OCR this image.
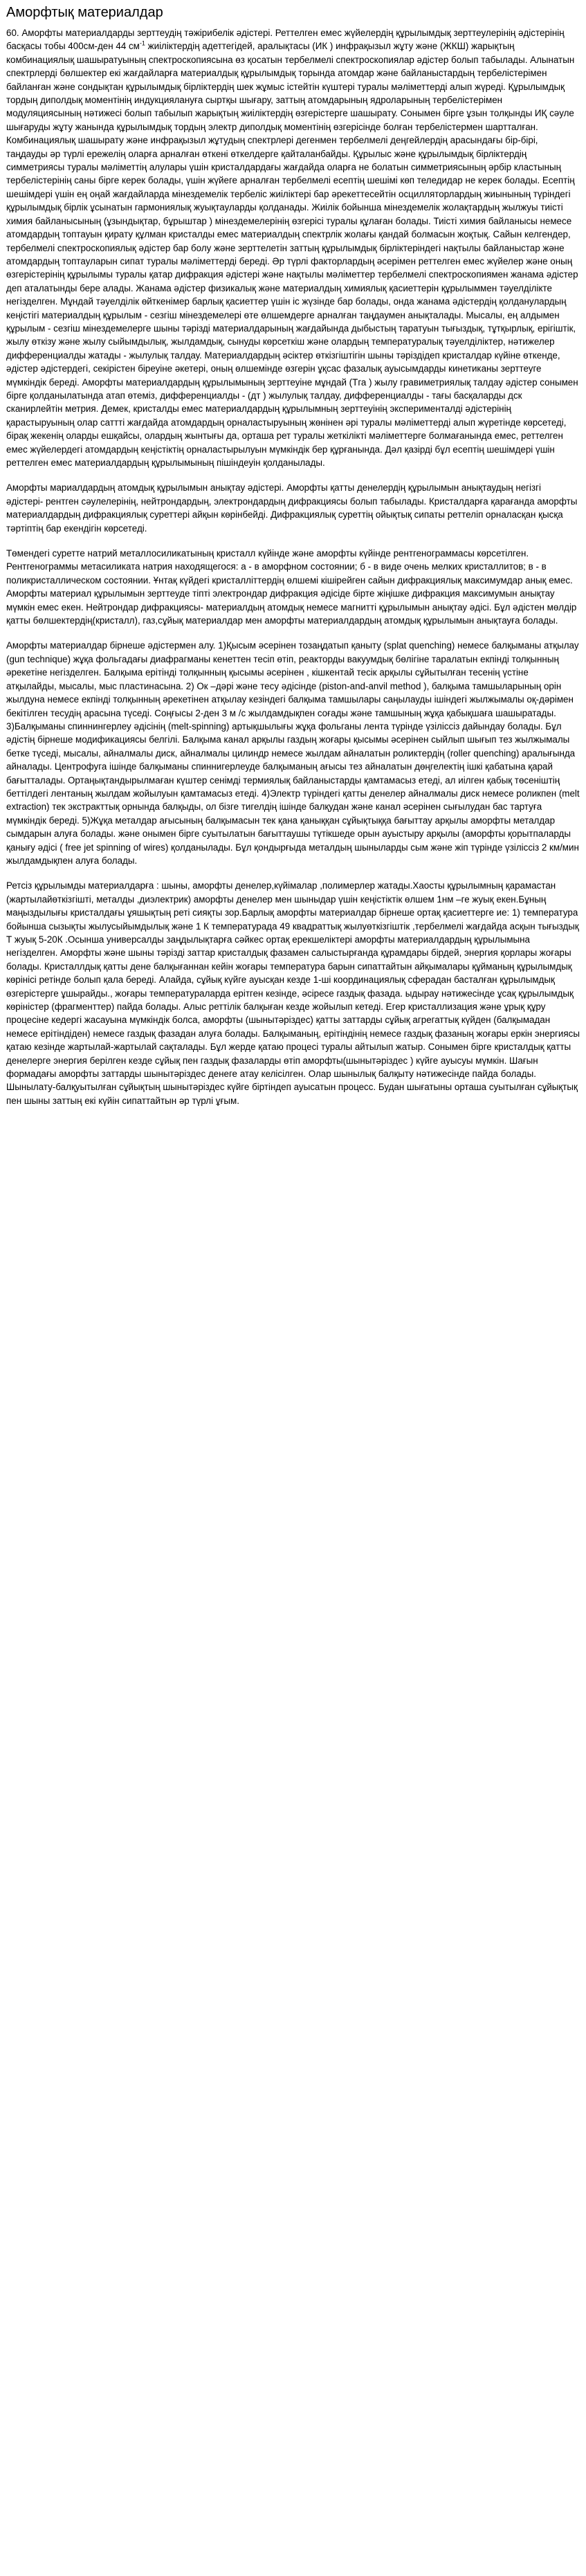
Аморфтық материалдар
60. Аморфты материалдарды зерттеудің тәжірибелік әдістері. Реттелген емес жүйелердің құрылымдық зерттеулерінің әдістерінің басқасы тобы 400см-ден 44 $см^{-1}$ жиіліктердің адеттегідей, аралықтасы (ИК ) инфрақызыл жұту және (ЖКШ) жарықтың комбинациялық шашыратуының спектроскопиясына өз қосатын тербелмелі спектроскопиялар әдістер болып табылады. Алынатын спектрлерді бөлшектер екі жағдайларға материалдық құрылымдық торында атомдар және байланыстардың тербелістерімен байланған және сондықтан құрылымдық бірліктердің шек жұмыс істейтін күштері туралы мәліметтерді алып жүреді. Құрылымдық тордың диполдық моментінің индукциялануға сыртқы шығару, заттың атомдарының ядроларының тербелістерімен модуляциясының нәтижесі болып табылып жарықтың жиіліктердің өзгерістерге шашырату. Сонымен бірге ұзын толқынды ИҚ сәуле шығаруды жұту жанында құрылымдық тордың электр диполдық моментінің өзгерісінде болған тербелістермен шартталған. Комбинациялық шашырату және инфрақызыл жұтудың спектрлері дегенмен тербелмелі деңгейлердің арасындағы бір-бірі, таңдауды әр түрлі ережелің оларға арналған өткені өткелдерге қайталанбайды. Құрылыс және құрылымдық бірліктердің симметриясы туралы мәліметтің алулары үшін кристалдардағы жағдайда оларға не болатын симметриясының әрбір кластының тербелістерінің саны бірге керек болады, үшін жүйеге арналған тербелмелі есептің шешімі көп теледидар не керек болады. Есептің шешімдері үшін ең оңай жағдайларда мінездемелік тербеліс жиіліктері бар әрекеттесейтін осцилляторлардың жиынының түріндегі құрылымдық бірлік ұсынатын гармониялық жуықтауларды қолданады. Жиілік бойынша мінездемелік жолақтардың жылжуы тиісті химия байланысының (ұзындықтар, бұрыштар ) мінездемелерінің өзгерісі туралы құлаған болады. Тиісті химия байланысы немесе атомдардың топтауын қирату құлман кристалды емес материалдың спектрлік жолағы қандай болмасын жоқтық. Сайын келгендер, тербелмелі спектроскопиялық әдістер бар болу және зерттелетін заттың құрылымдық бірліктеріндегі нақтылы байланыстар және атомдардың топтауларын сипат туралы мәліметтерді береді. Әр түрлі факторлардың әсерімен реттелген емес жүйелер және оның өзгерістерінің құрылымы туралы қатар дифракция әдістері және нақтылы мәліметтер тербелмелі спектроскопиямен жанама әдістер деп аталатынды бере алады. Жанама әдістер физикалық және материалдың химиялық қасиеттерін құрылыммен тәуелділікте негізделген. Мұндай тәуелділік өйткенімер барлық қасиеттер үшін іс жүзінде бар болады, онда жанама әдістердің қолданулардың кеңістігі материалдың құрылым - сезгіш мінездемелері өте өлшемдерге арналған таңдаумен анықталады. Мысалы, ең алдымен құрылым - сезгіш мінездемелерге шыны тәрізді материалдарының жағдайында дыбыстың таратуын тығыздық, тұтқырлық, ерігіштік, жылу өткізу және жылу сыйымдылық, жылдамдық, сынуды көрсеткіш және олардың температуралық тәуелділіктер, нәтижелер дифференциалды жатады - жылулық талдау. Материалдардың әсіктер өткізгіштігін шыны тәріздідеп кристалдар күйіне өткенде, әдістер әдістердегі, секірістен біреуіне әкетері, оның өлшемінде өзгерін ұқсас фазалық ауысымдарды кинетиканы зерттеуге мүмкіндік береді. Аморфты материалдардың құрылымының зерттеуіне мұндай (Tга ) жылу гравиметриялық талдау әдістер сонымен бірге қолданылатында атап өтеміз, дифференциалды - (дт ) жылулық талдау, дифференциалды - тағы басқаларды дск сканирлейтін метрия. Демек, кристалды емес материалдардың құрылымның зерттеуінің эксперименталді әдістерінің қарастыруының олар саттті жағдайда атомдардың орналастыруының жөнінен әрі туралы мәліметтерді алып жүретінде көрсетеді, бірақ жекенің оларды ешқайсы, олардың жынтығы да, орташа рет туралы жеткілікті мәліметтерге болмағанында емес, реттелген емес жүйелердегі атомдардың кеңістіктің орналастырылуын мүмкіндік бер құрғанында. Дәл қазірді бұл есептің шешімдері үшін реттелген емес материалдардың құрылымының пішіндеуін қолданылады.
Аморфты мариалдардың атомдық құрылымын анықтау әдістері. Аморфты қатты денелердің құрылымын анықтаудың негізгі әдістері- рентген сәулелерінің, нейтрондардың, электрондардың дифракциясы болып табылады. Кристалдарға қарағанда аморфты материалдардың дифракциялық суреттері айқын көрінбейді. Дифракциялық суреттің ойықтық сипаты реттеліп орналасқан қысқа тәртіптің бар екендігін көрсетеді.
Төмендегі суретте натрий металлосиликатының кристалл күйінде және аморфты күйінде рентгенограммасы көрсетілген. Рентгенограммы метасиликата натрия находящегося: а - в аморфном состоянии; б - в виде очень мелких кристаллитов; в - в поликристаллическом состоянии. Ұнтақ күйдегі кристалліттердің өлшемі кішірейген сайын дифракциялық максимумдар анық емес. Аморфты материал құрылымын зерттеуде тіпті электрондар дифракция әдісіде біртe жіңішке дифракция максимумын анықтау мүмкін емес екен. Нейтрондар дифракциясы- материалдың атомдық немесе магнитті құрылымын анықтау әдісі. Бұл әдістен мөлдір қатты бөлшектердің(кристалл), газ,сұйық материалдар мен аморфты материалдардың атомдық құрылымын анықтауға болады.
Аморфты материалдар бірнеше әдістермен алу. 1)Қысым әсерінен тозаңдатып қаныту (splat quenching) немесе балқыманы атқылау (gun technique) жұқа фольгадағы диафрагманы кенеттен тесіп өтіп, реакторды вакуумдық бөлігіне таралатын екпінді толқынның әрекетіне негізделген. Балқыма ерітінді толқынның қысымы әсерінен , кішкентай тесік арқылы сұйытылған тесенің үстіне атқылайды, мысалы, мыс пластинасына. 2) Ок –дәрі және тесу әдісінде (piston-and-anvil method ), балқыма тамшыларының орін жылдуна немесе екпінді толқынның әрекетінен атқылау кезіндегі балқыма тамшылары саңылауды ішіндегі жылжымалы оқ-дәрімен бекітілген тесудің арасына түседі. Соңғысы 2-ден 3 м /с жылдамдықпен соғады және тамшының жұқа қабықшаға шашыратады. 3)Балқыманы спиннингерлеу әдісінің (melt-spinning) артықшылығы жұқа фольганы лента түрінде үзіліссіз дайындау болады. Бұл әдістің бірнеше модификациясы белгілі. Балқыма канал арқылы газдың жоғары қысымы әсерінен сыйлып шығып тез жылжымалы беткe түседі, мысалы, айналмалы диск, айналмалы цилиндр немесе жылдам айналатын роликтердің (roller quenching) аралығында айналады. Центрофуга ішінде балқыманы спиннигерлеуде балқыманың ағысы тез айналатын дөңгелектің ішкі қабатына қарай бағытталады. Ортаңықтандырылмаған күштер сенімді термиялық байланыстарды қамтамасыз етеді, ал иілген қабық төсеніштің беттілдегі лентаның жылдам жойылуын қамтамасыз етеді. 4)Электр түріндегі қатты денелер айналмалы диск немесе роликпен (melt extraction) тек экстракттық орнында балқыды, ол бізге тигелдің ішінде балқудан және канал әсерінен сығылудан бас тартуға мүмкіндік береді. 5)Жұқа металдар ағысының балқымасын тек қана қаныққан сұйықтыққа бағыттау арқылы аморфты металдар сымдарын алуға болады. және онымен бірге суытылатын бағыттаушы түтікшеде орын ауыстыру арқылы (аморфты қорытпаларды қанығу әдісі ( free jet spinning of wires) қолданылады. Бұл қондырғыда металдың шыныларды сым және жіп түрінде үзіліссіз 2 км/мин жылдамдықпен алуға болады.
Ретсіз құрылымды материалдарға : шыны, аморфты денелер,күйімалар ,полимерлер жатады.Хаосты құрылымның қарамастан (жартылайөткізгішті, металды ,диэлектрик) аморфты денелер мен шыныдар үшін кеңістіктік өлшем 1нм –ге жуық екен.Бұның маңыздылығы кристалдағы ұяшықтың реті сияқты зор.Барлық аморфты материалдар бірнеше ортақ қасиеттерге ие: 1) температура бойынша сызықты жылусыйымдылық және 1 К температурада 49 квадраттық жылуөткізгіштік ,тербелмелі жағдайда асқын тығыздық Т жуық 5-20К .Осынша универсалды заңдылықтарға сәйкес ортақ ерекшеліктері аморфты материалдардың құрылымына негізделген. Аморфты және шыны тәрізді заттар кристалдық фазамен салыстырғанда құрамдары бірдей, энергия қорлары жоғары болады. Кристаллдық қатты дене балқығаннан кейін жоғары температура барын сипаттайтын айқымалары құйманың құрылымдық көрінісі ретінде болып қала береді. Алайда, сұйық күйге ауысқан кезде 1-ші координациялық сферадан басталған құрылымдық өзгерістерге ұшырайды., жоғары температураларда ерітген кезінде, әсіресе газдық фазада. ыдырау нәтижесінде ұсақ құрылымдық көріністер (фрагменттер) пайда болады. Алыс реттілік балқыған кезде жойылып кетеді. Егер кристаллизация және ұрық құру процесіне кедергі жасауына мүмкіндік болса, аморфты (шынытәріздес) қатты заттарды сұйық агрегаттық күйден (балқымадан немесе ерітіндіден) немесе газдық фазадан алуға болады. Балқыманың, ерітіндінің немесе газдық фазаның жоғары еркін энергиясы қатаю кезінде жартылай-жартылай сақталады. Бұл жерде қатаю процесі туралы айтылып жатыр. Сонымен бірге кристалдық қатты денелерге энергия берілген кезде сұйық пен газдық фазаларды өтіп аморфты(шынытәріздес ) күйге ауысуы мүмкін. Шағын формадағы аморфты заттарды шынытәріздес денеге атау келісілген. Олар шынылық балқыту нәтижесінде пайда болады. Шынылату-балқуытылған сұйықтың шынытәріздес күйге біртіндеп ауысатын процесс. Будан шығатыны орташа суытылған сұйықтық пен шыны заттың екі күйін сипаттайтын әр түрлі ұғым.
